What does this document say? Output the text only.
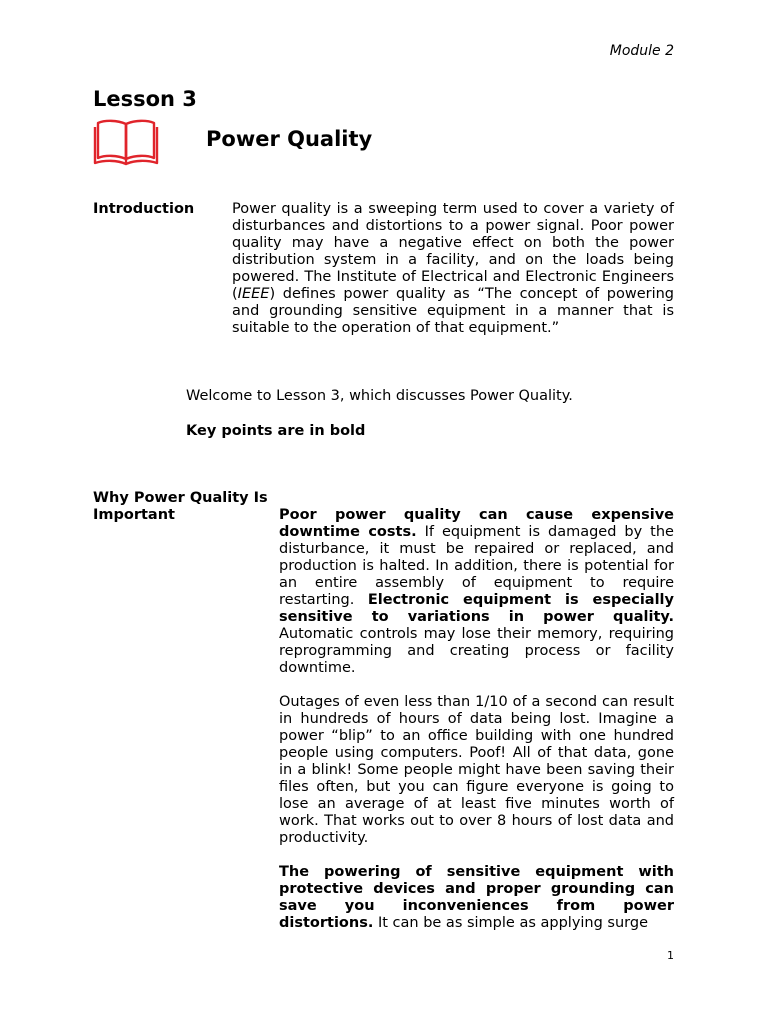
Module 2
Lesson 3
Power Quality
Introduction	Power quality is a sweeping term used to cover a variety of disturbances and distortions to a power signal. Poor power quality may have a negative effect on both the power distribution system in a facility, and on the loads being powered. The Institute of Electrical and Electronic Engineers (IEEE) defines power quality as “The concept of powering and grounding sensitive equipment in a manner that is suitable to the operation of that equipment.”

Welcome to Lesson 3, which discusses Power Quality.
Key points are in bold
Why Power Quality Is Important	Poor power quality can cause expensive downtime costs. If equipment is damaged by the disturbance, it must be repaired or replaced, and production is halted. In addition, there is potential for an entire assembly of equipment to require restarting. Electronic equipment is especially sensitive to variations in power quality. Automatic controls may lose their memory, requiring reprogramming and creating process or facility downtime.

Outages of even less than 1/10 of a second can result in hundreds of hours of data being lost. Imagine a power “blip” to an office building with one hundred people using computers. Poof! All of that data, gone in a blink! Some people might have been saving their files often, but you can figure everyone is going to lose an average of at least five minutes worth of work. That works out to over 8 hours of lost data and productivity.

The powering of sensitive equipment with protective devices and proper grounding can save you inconveniences from power distortions. It can be as simple as applying surge

1
